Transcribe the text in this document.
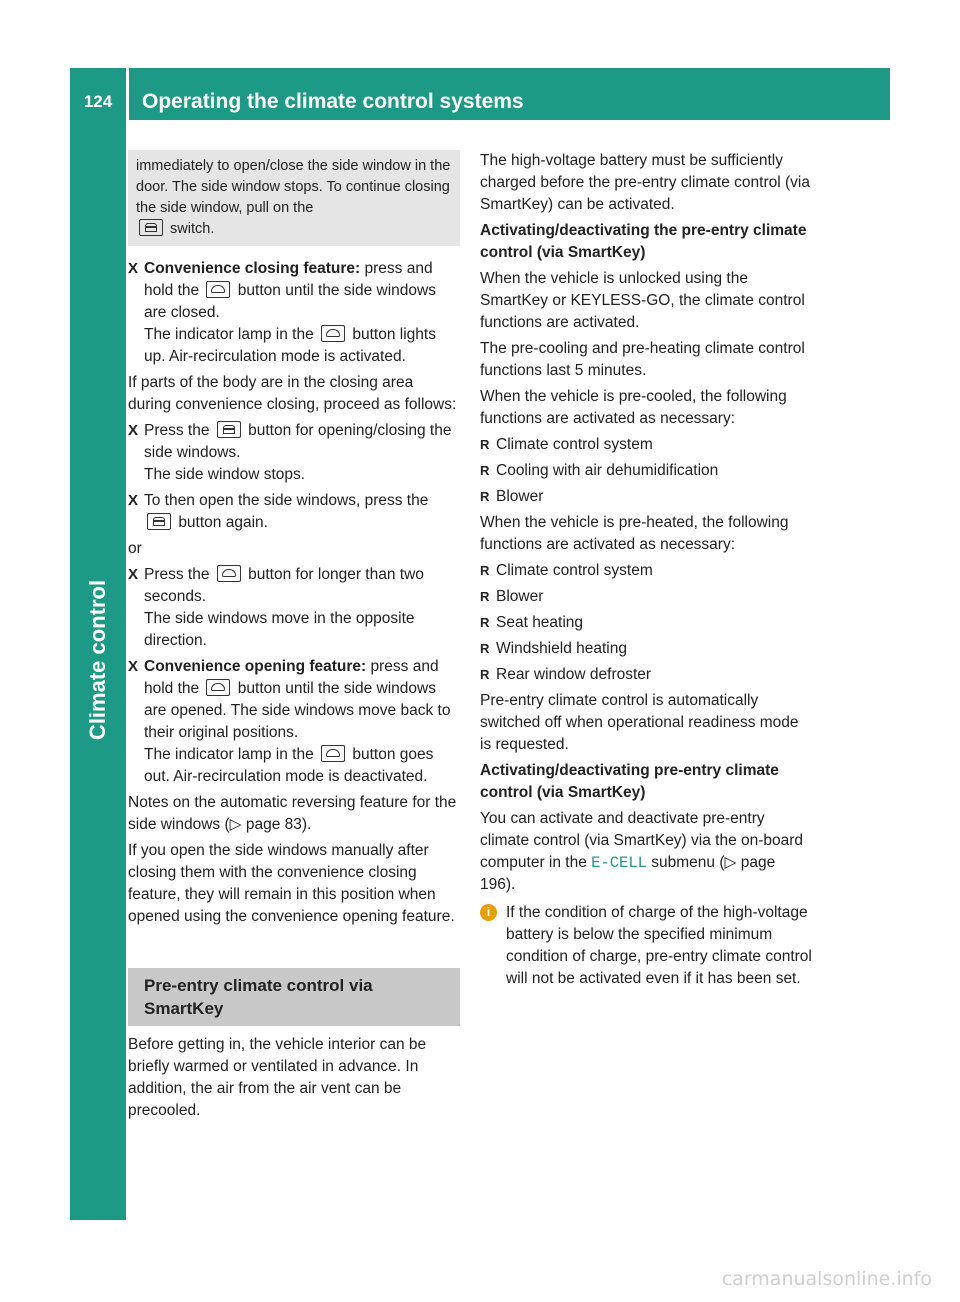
124	Operating the climate control systems
Climate control
immediately to open/close the side window in the door. The side window stops. To continue closing the side window, pull on the
switch.
X Convenience closing feature: press and hold the button until the side windows are closed.
The indicator lamp in the button lights up. Air-recirculation mode is activated.

If parts of the body are in the closing area during convenience closing, proceed as follows:

X Press the button for opening/closing the side windows.
The side window stops.
X To then open the side windows, press the
button again.

or

X Press the button for longer than two seconds.
The side windows move in the opposite direction.
X Convenience opening feature: press and hold the button until the side windows are opened. The side windows move back to their original positions.
The indicator lamp in the button goes out. Air-recirculation mode is deactivated.

Notes on the automatic reversing feature for the side windows (▷ page 83).

If you open the side windows manually after closing them with the convenience closing feature, they will remain in this position when opened using the convenience opening feature.

Pre-entry climate control via SmartKey

Before getting in, the vehicle interior can be briefly warmed or ventilated in advance. In addition, the air from the air vent can be precooled.

The high-voltage battery must be sufficiently charged before the pre-entry climate control (via SmartKey) can be activated.

Activating/deactivating the pre-entry climate control (via SmartKey)

When the vehicle is unlocked using the SmartKey or KEYLESS-GO, the climate control functions are activated.

The pre-cooling and pre-heating climate control functions last 5 minutes.

When the vehicle is pre-cooled, the following functions are activated as necessary:

R Climate control system
R Cooling with air dehumidification
R Blower

When the vehicle is pre-heated, the following functions are activated as necessary:

R Climate control system
R Blower
R Seat heating
R Windshield heating
R Rear window defroster

Pre-entry climate control is automatically switched off when operational readiness mode is requested.

Activating/deactivating pre-entry climate control (via SmartKey)

You can activate and deactivate pre-entry climate control (via SmartKey) via the on-board computer in the E-CELL submenu (▷ page 196).

i	If the condition of charge of the high-voltage battery is below the specified minimum condition of charge, pre-entry climate control will not be activated even if it has been set.
carmanualsonline.info
